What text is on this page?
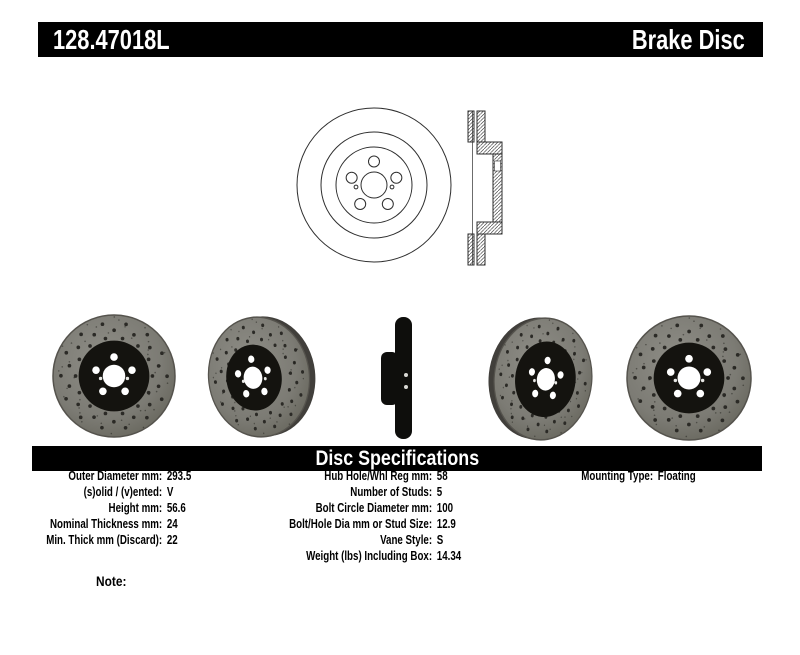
128.47018L	Brake Disc
Disc Specifications
Outer Diameter mm: 293.5
(s)olid / (v)ented: V
Height mm: 56.6
Nominal Thickness mm: 24
Min. Thick mm (Discard): 22
Hub Hole/Whl Reg mm: 58
Number of Studs: 5
Bolt Circle Diameter mm: 100
Bolt/Hole Dia mm or Stud Size: 12.9
Vane Style: S
Weight (lbs) Including Box: 14.34
Mounting Type: Floating
Note:
